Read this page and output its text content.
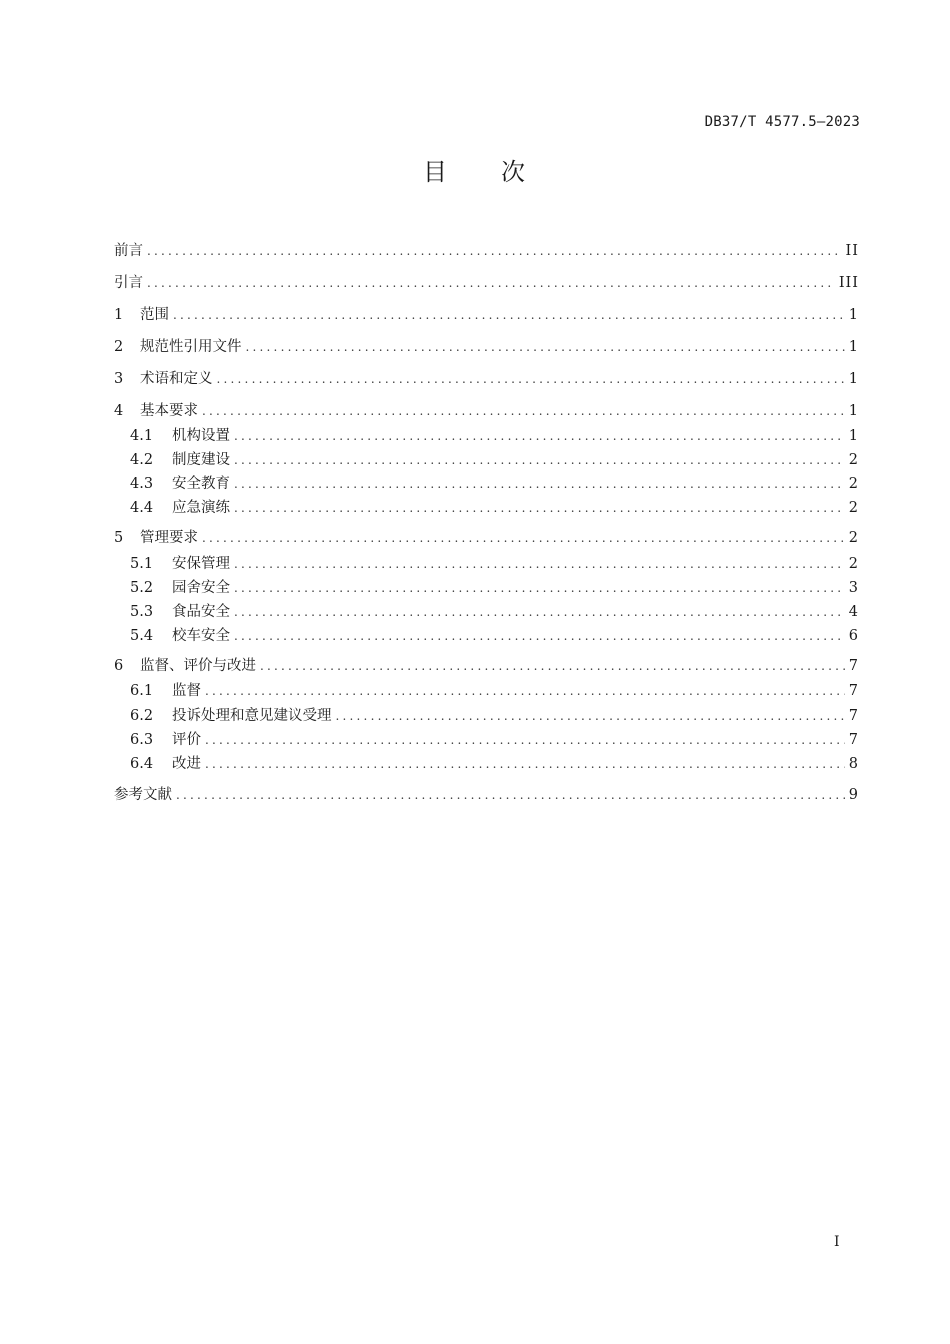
DB37/T 4577.5—2023
目 次
前言 .....	II
引言 .....	III
1	范围 .....	1
2	规范性引用文件 .....	1
3	术语和定义 .....	1
4	基本要求 .....	1
4.1	机构设置 .....	1
4.2	制度建设 .....	2
4.3	安全教育 .....	2
4.4	应急演练 .....	2
5	管理要求 .....	2
5.1	安保管理 .....	2
5.2	园舍安全 .....	3
5.3	食品安全 .....	4
5.4	校车安全 .....	6
6	监督、评价与改进 .....	7
6.1	监督 .....	7
6.2	投诉处理和意见建议受理 .....	7
6.3	评价 .....	7
6.4	改进 .....	8
参考文献 .....	9
I
